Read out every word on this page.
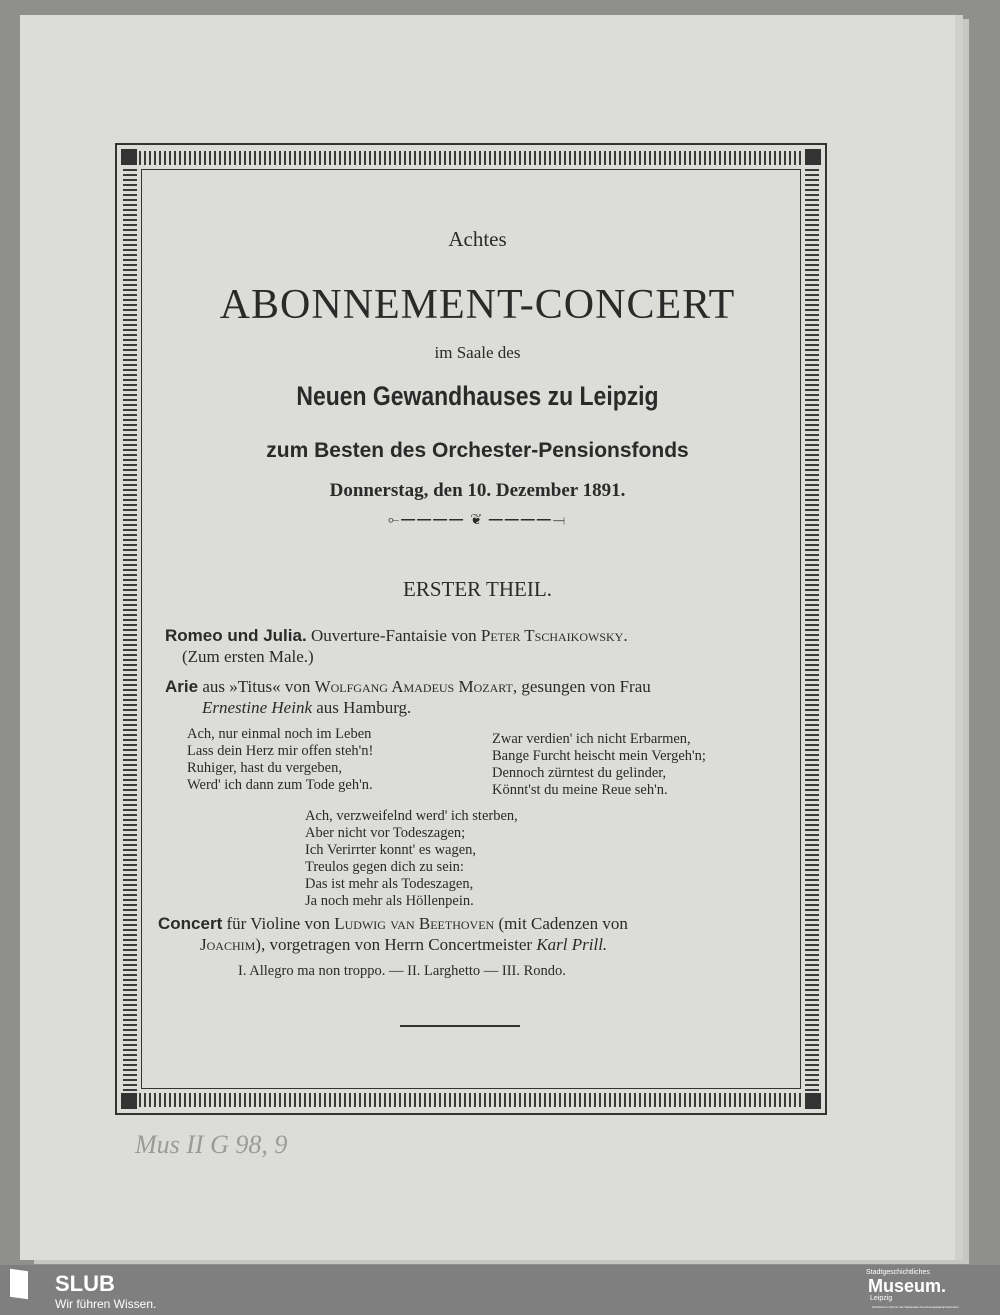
Achtes
ABONNEMENT-CONCERT
im Saale des
Neuen Gewandhauses zu Leipzig
zum Besten des Orchester-Pensionsfonds
Donnerstag, den 10. Dezember 1891.
⟜━━━━ ❦ ━━━━⟞
ERSTER THEIL.
Romeo und Julia. Ouverture-Fantaisie von Peter Tschaikowsky.
(Zum ersten Male.)
Arie aus »Titus« von Wolfgang Amadeus Mozart, gesungen von Frau
Ernestine Heink aus Hamburg.
Ach, nur einmal noch im Leben
Lass dein Herz mir offen steh'n!
Ruhiger, hast du vergeben,
Werd' ich dann zum Tode geh'n.
Zwar verdien' ich nicht Erbarmen,
Bange Furcht heischt mein Vergeh'n;
Dennoch zürntest du gelinder,
Könnt'st du meine Reue seh'n.
Ach, verzweifelnd werd' ich sterben,
Aber nicht vor Todeszagen;
Ich Verirrter konnt' es wagen,
Treulos gegen dich zu sein:
Das ist mehr als Todeszagen,
Ja noch mehr als Höllenpein.
Concert für Violine von Ludwig van Beethoven (mit Cadenzen von
Joachim), vorgetragen von Herrn Concertmeister Karl Prill.
I. Allegro ma non troppo. — II. Larghetto — III. Rondo.
Mus II G 98, 9
SLUB
Wir führen Wissen.
Stadtgeschichtliches
Museum.
Leipzig
Zertifizierter Partner der Nationalen Forschungsdateninfrastruktur
